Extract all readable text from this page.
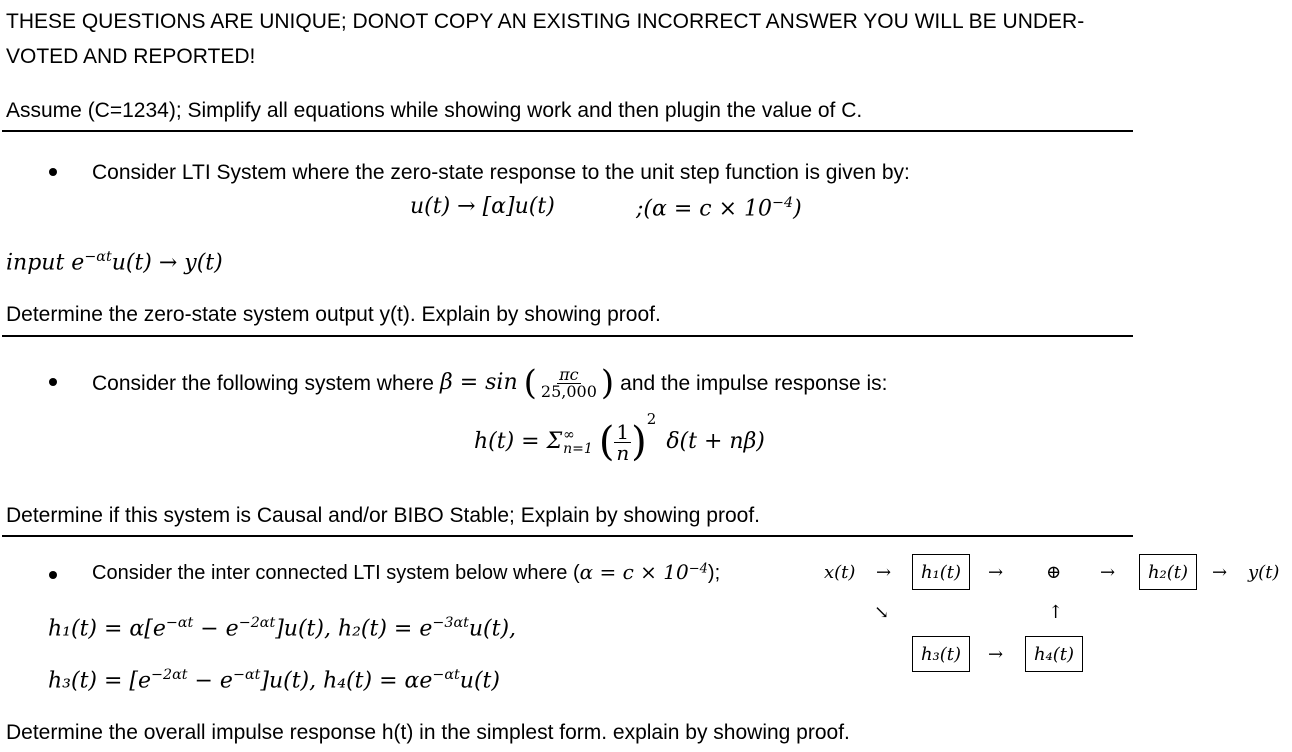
THESE QUESTIONS ARE UNIQUE; DONOT COPY AN EXISTING INCORRECT ANSWER YOU WILL BE UNDER-
VOTED AND REPORTED!
Assume (C=1234); Simplify all equations while showing work and then plugin the value of C.
Consider LTI System where the zero-state response to the unit step function is given by:
u(t) → [α]u(t)	;(α = $c \times 10^{-4}$)
input $e^{-\alpha t}u(t) \to y(t)$
Determine the zero-state system output y(t). Explain by showing proof.
Consider the following system where β = sin ( $\frac{\pi c}{25,000}$ ) and the impulse response is:
h(t) = Σ ∞
n=1 ( $\frac{1}{n}$ ) 2
δ(t + nβ)
Determine if this system is Causal and/or BIBO Stable; Explain by showing proof.
Consider the inter connected LTI system below where $(\alpha = c \times 10^{-4})$;
$h_1(t) = \alpha[e^{-\alpha t} - e^{-2\alpha t}]u(t)$, $h_2(t) = e^{-3\alpha t}u(t)$,
$h_3(t) = [e^{-2\alpha t} - e^{-\alpha t}]u(t)$, $h_4(t) = \alpha e^{-\alpha t}u(t)$
Determine the overall impulse response h(t) in the simplest form. explain by showing proof.
x(t) →	h₁(t)	→ ⊕ →	h₂(t)	→ y(t)
↘	↑
h₃(t)	→	h₄(t)
